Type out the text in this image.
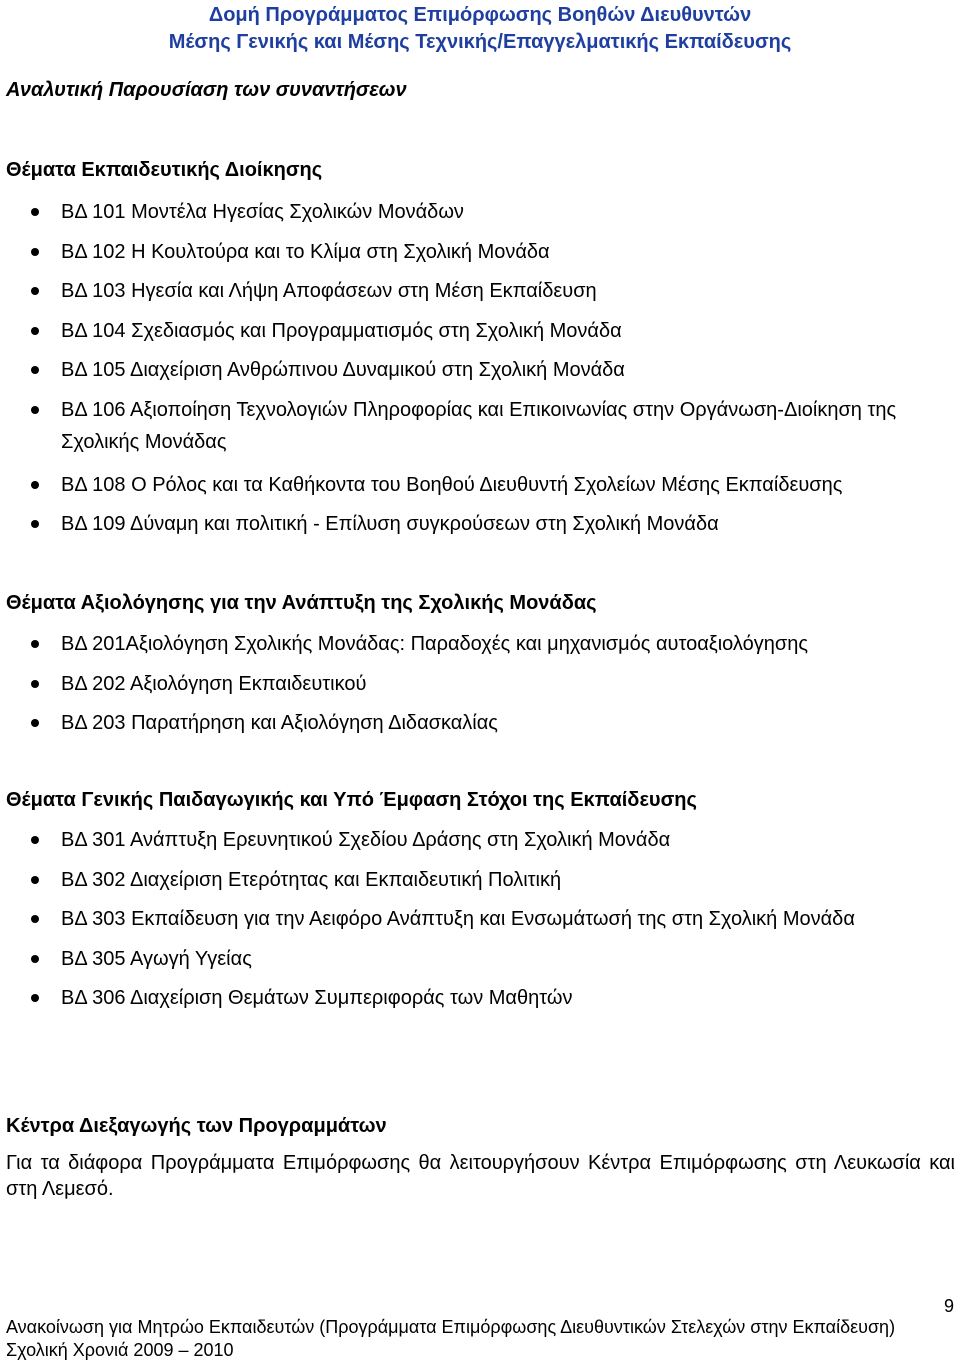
Δομή Προγράμματος Επιμόρφωσης Βοηθών Διευθυντών
Μέσης Γενικής και Μέσης Τεχνικής/Επαγγελματικής Εκπαίδευσης
Αναλυτική Παρουσίαση των συναντήσεων
Θέματα Εκπαιδευτικής Διοίκησης
ΒΔ 101 Μοντέλα Ηγεσίας Σχολικών Μονάδων
ΒΔ 102 Η Κουλτούρα και το Κλίμα στη Σχολική Μονάδα
ΒΔ 103 Ηγεσία και Λήψη Αποφάσεων στη Μέση Εκπαίδευση
ΒΔ 104 Σχεδιασμός και Προγραμματισμός στη Σχολική Μονάδα
ΒΔ 105 Διαχείριση Ανθρώπινου Δυναμικού στη Σχολική Μονάδα
ΒΔ 106 Αξιοποίηση Τεχνολογιών Πληροφορίας και Επικοινωνίας στην Οργάνωση-Διοίκηση της Σχολικής Μονάδας
ΒΔ 108 Ο Ρόλος και τα Καθήκοντα του Βοηθού Διευθυντή Σχολείων Μέσης Εκπαίδευσης
ΒΔ 109 Δύναμη και πολιτική - Επίλυση συγκρούσεων στη Σχολική Μονάδα
Θέματα Αξιολόγησης για την Ανάπτυξη της Σχολικής Μονάδας
ΒΔ 201Αξιολόγηση Σχολικής Μονάδας: Παραδοχές και μηχανισμός αυτοαξιολόγησης
ΒΔ 202 Αξιολόγηση Εκπαιδευτικού
ΒΔ 203 Παρατήρηση και Αξιολόγηση Διδασκαλίας
Θέματα Γενικής Παιδαγωγικής και Υπό Έμφαση Στόχοι της Εκπαίδευσης
ΒΔ 301 Ανάπτυξη Ερευνητικού Σχεδίου Δράσης στη Σχολική Μονάδα
ΒΔ 302 Διαχείριση Ετερότητας και Εκπαιδευτική Πολιτική
ΒΔ 303 Εκπαίδευση για την Αειφόρο Ανάπτυξη και Ενσωμάτωσή της στη Σχολική Μονάδα
ΒΔ 305 Αγωγή Υγείας
ΒΔ 306 Διαχείριση Θεμάτων Συμπεριφοράς των Μαθητών
Κέντρα Διεξαγωγής των Προγραμμάτων
Για τα διάφορα Προγράμματα Επιμόρφωσης θα λειτουργήσουν Κέντρα Επιμόρφωσης στη Λευκωσία και στη Λεμεσό.
9
Ανακοίνωση για Μητρώο Εκπαιδευτών (Προγράμματα Επιμόρφωσης Διευθυντικών Στελεχών στην Εκπαίδευση)
Σχολική Χρονιά 2009 – 2010
